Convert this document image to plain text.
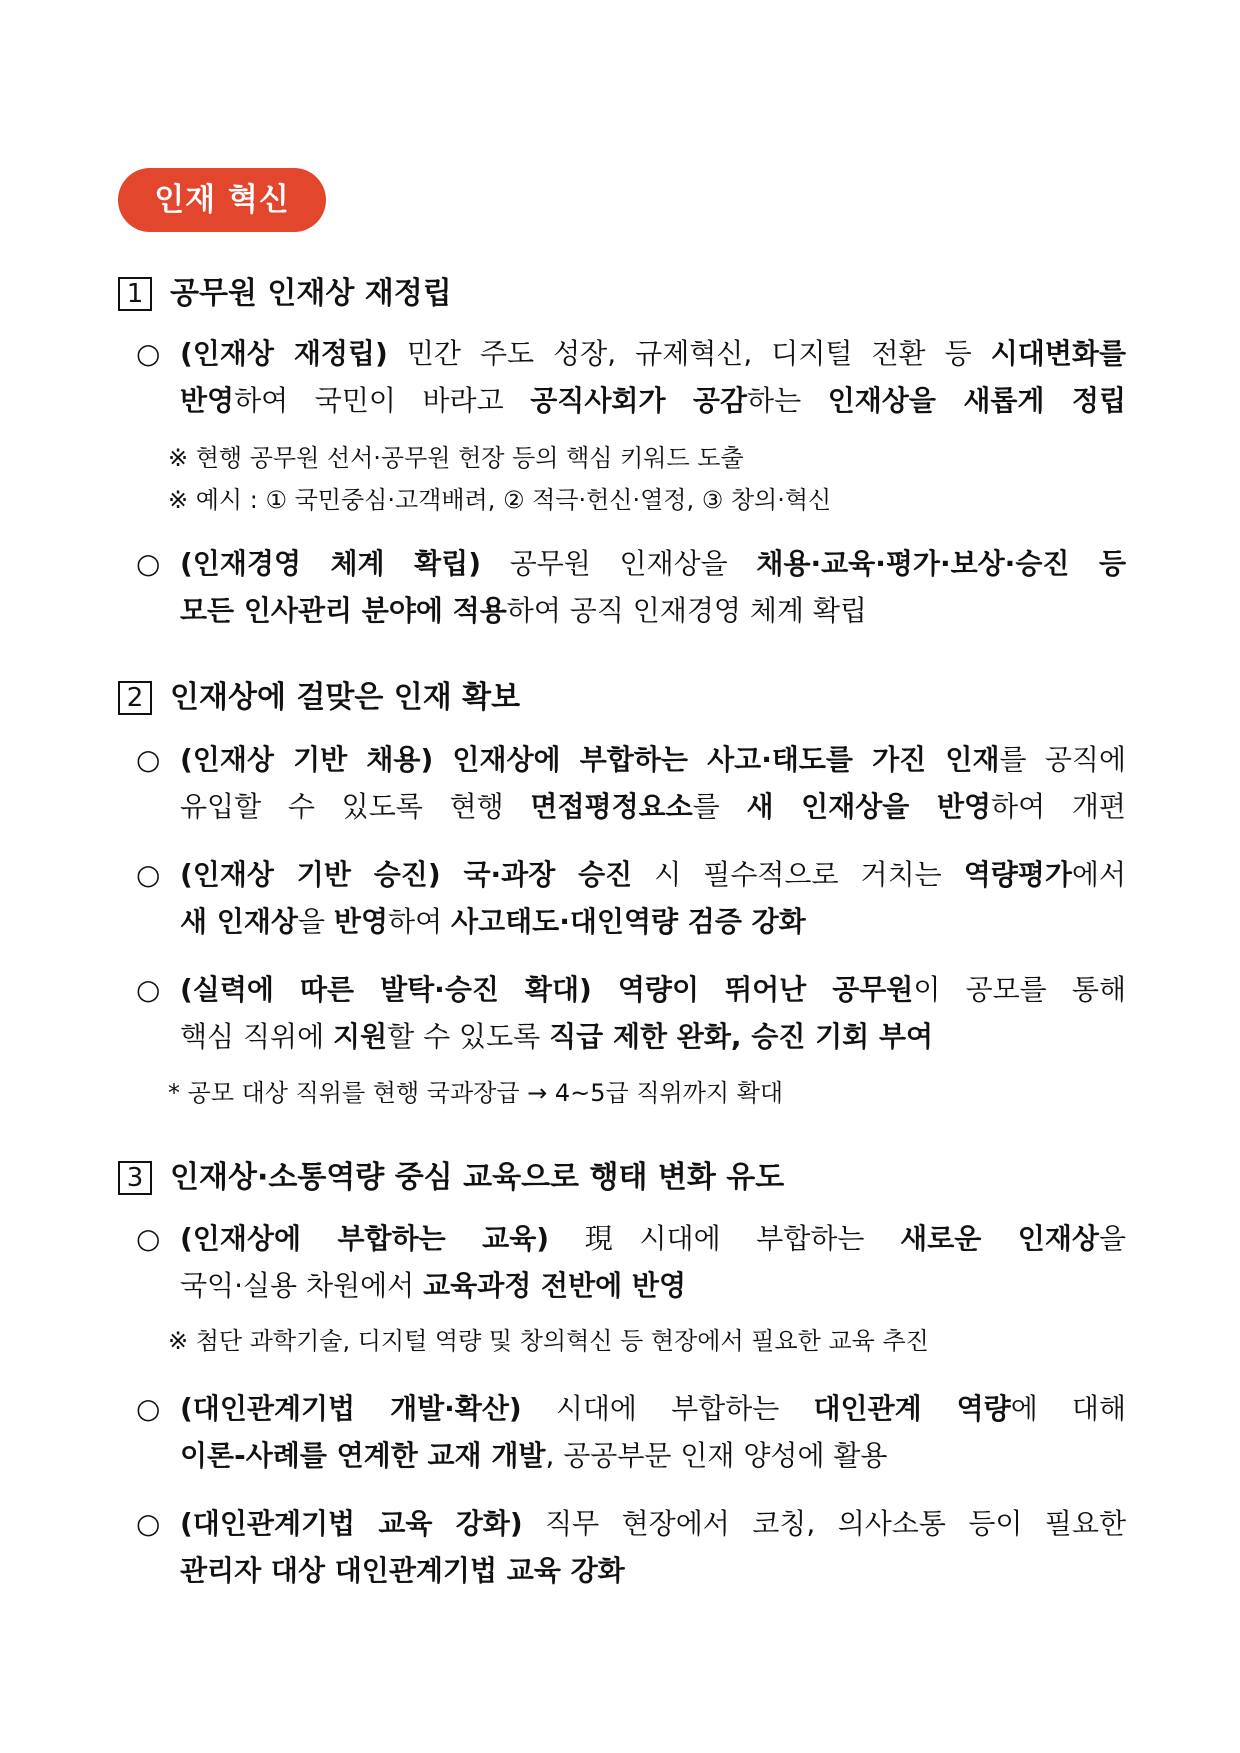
인재 혁신
1 공무원 인재상 재정립
○ (인재상 재정립) 민간 주도 성장, 규제혁신, 디지털 전환 등 시대변화를
반영하여 국민이 바라고 공직사회가 공감하는 인재상을 새롭게 정립
※ 현행 공무원 선서·공무원 헌장 등의 핵심 키워드 도출
※ 예시 : ① 국민중심·고객배려, ② 적극·헌신·열정, ③ 창의·혁신
○ (인재경영 체계 확립) 공무원 인재상을 채용·교육·평가·보상·승진 등
모든 인사관리 분야에 적용하여 공직 인재경영 체계 확립
2 인재상에 걸맞은 인재 확보
○ (인재상 기반 채용) 인재상에 부합하는 사고·태도를 가진 인재를 공직에
유입할 수 있도록 현행 면접평정요소를 새 인재상을 반영하여 개편
○ (인재상 기반 승진) 국·과장 승진 시 필수적으로 거치는 역량평가에서
새 인재상을 반영하여 사고태도·대인역량 검증 강화
○ (실력에 따른 발탁·승진 확대) 역량이 뛰어난 공무원이 공모를 통해
핵심 직위에 지원할 수 있도록 직급 제한 완화, 승진 기회 부여
* 공모 대상 직위를 현행 국과장급 → 4~5급 직위까지 확대
3 인재상·소통역량 중심 교육으로 행태 변화 유도
○ (인재상에 부합하는 교육) 現시대에 부합하는 새로운 인재상을
국익·실용 차원에서 교육과정 전반에 반영
※ 첨단 과학기술, 디지털 역량 및 창의혁신 등 현장에서 필요한 교육 추진
○ (대인관계기법 개발·확산) 시대에 부합하는 대인관계 역량에 대해
이론-사례를 연계한 교재 개발, 공공부문 인재 양성에 활용
○ (대인관계기법 교육 강화) 직무 현장에서 코칭, 의사소통 등이 필요한
관리자 대상 대인관계기법 교육 강화
